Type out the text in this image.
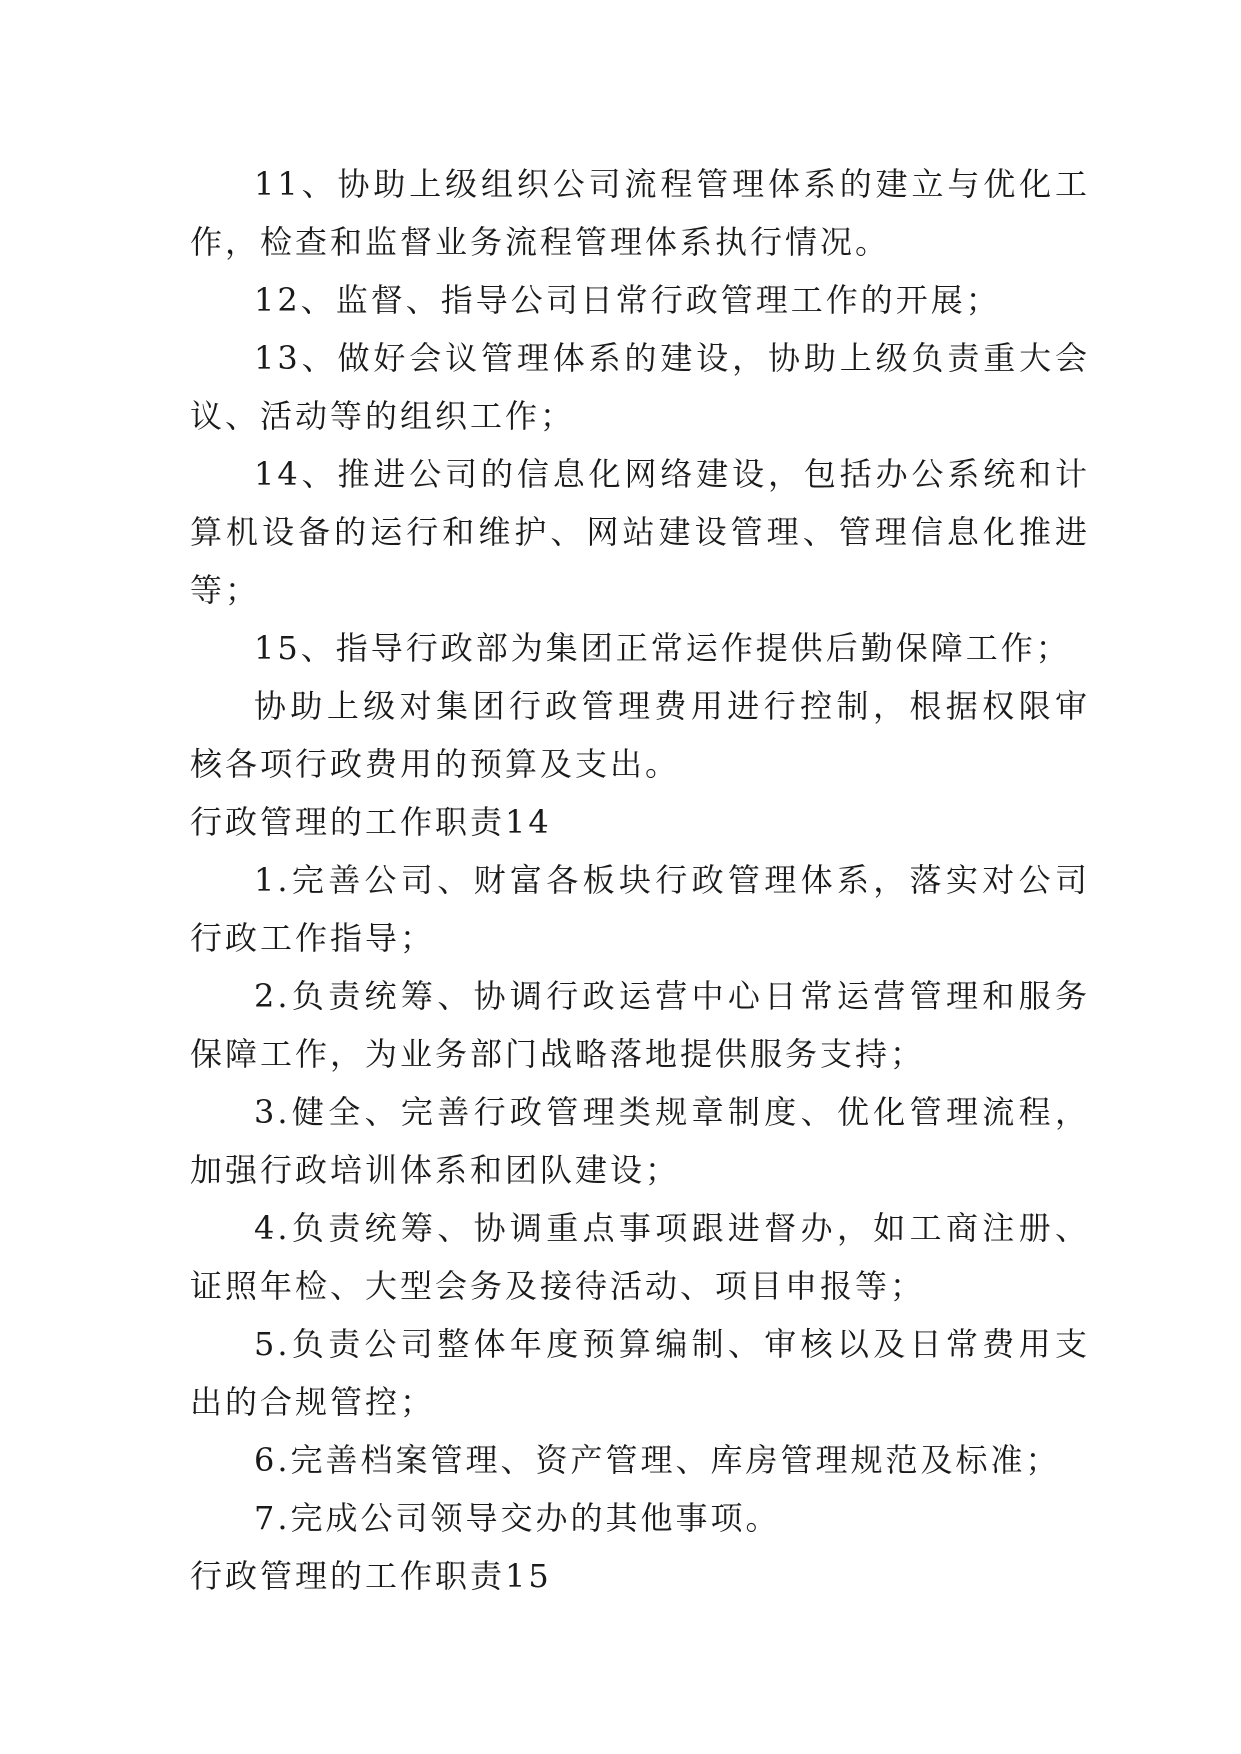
11、协助上级组织公司流程管理体系的建立与优化工作，检查和监督业务流程管理体系执行情况。

12、监督、指导公司日常行政管理工作的开展；

13、做好会议管理体系的建设，协助上级负责重大会议、活动等的组织工作；

14、推进公司的信息化网络建设，包括办公系统和计算机设备的运行和维护、网站建设管理、管理信息化推进等；

15、指导行政部为集团正常运作提供后勤保障工作；

协助上级对集团行政管理费用进行控制，根据权限审核各项行政费用的预算及支出。

行政管理的工作职责14

1.完善公司、财富各板块行政管理体系，落实对公司行政工作指导；

2.负责统筹、协调行政运营中心日常运营管理和服务保障工作，为业务部门战略落地提供服务支持；

3.健全、完善行政管理类规章制度、优化管理流程，加强行政培训体系和团队建设；

4.负责统筹、协调重点事项跟进督办，如工商注册、证照年检、大型会务及接待活动、项目申报等；

5.负责公司整体年度预算编制、审核以及日常费用支出的合规管控；

6.完善档案管理、资产管理、库房管理规范及标准；

7.完成公司领导交办的其他事项。

行政管理的工作职责15
